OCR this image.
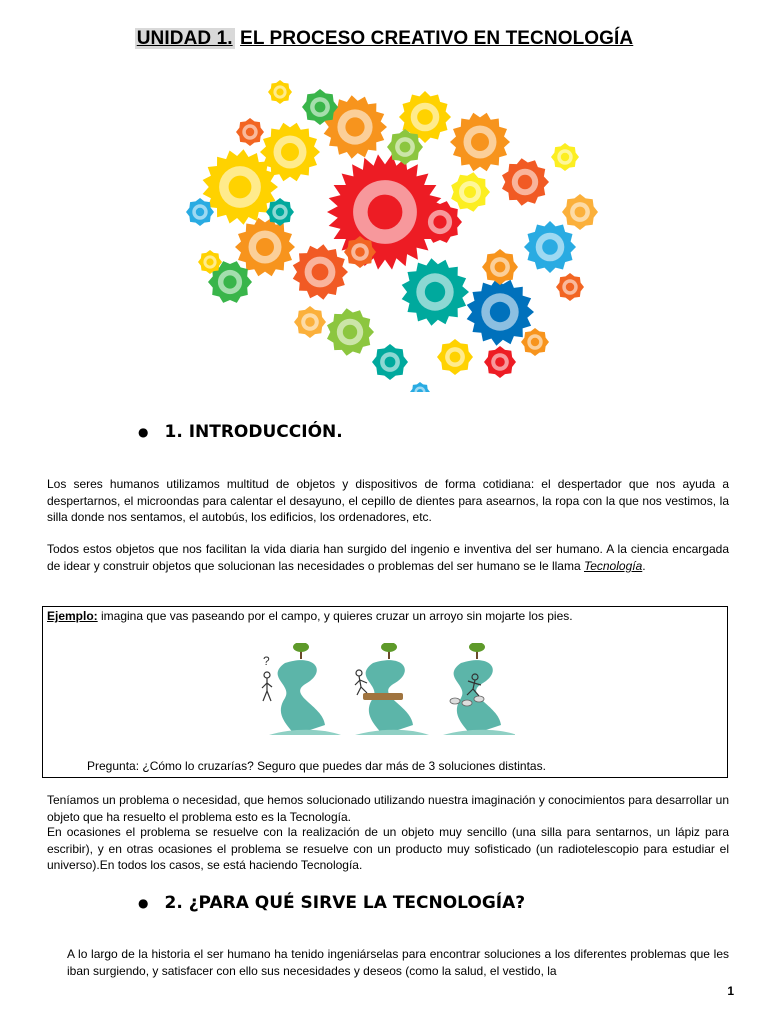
UNIDAD 1. EL PROCESO CREATIVO EN TECNOLOGÍA
● 1. INTRODUCCIÓN.
Los seres humanos utilizamos multitud de objetos y dispositivos de forma cotidiana: el despertador que nos ayuda a despertarnos, el microondas para calentar el desayuno, el cepillo de dientes para asearnos, la ropa con la que nos vestimos, la silla donde nos sentamos, el autobús, los edificios, los ordenadores, etc.
Todos estos objetos que nos facilitan la vida diaria han surgido del ingenio e inventiva del ser humano. A la ciencia encargada de idear y construir objetos que solucionan las necesidades o problemas del ser humano se le llama Tecnología.
Ejemplo: imagina que vas paseando por el campo, y quieres cruzar un arroyo sin mojarte los pies.
?
Pregunta: ¿Cómo lo cruzarías? Seguro que puedes dar más de 3 soluciones distintas.
Teníamos un problema o necesidad, que hemos solucionado utilizando nuestra imaginación y conocimientos para desarrollar un objeto que ha resuelto el problema esto es la Tecnología.
En ocasiones el problema se resuelve con la realización de un objeto muy sencillo (una silla para sentarnos, un lápiz para escribir), y en otras ocasiones el problema se resuelve con un producto muy sofisticado (un radiotelescopio para estudiar el universo).En todos los casos, se está haciendo Tecnología.
● 2. ¿PARA QUÉ SIRVE LA TECNOLOGÍA?
A lo largo de la historia el ser humano ha tenido ingeniárselas para encontrar soluciones a los diferentes problemas que les iban surgiendo, y satisfacer con ello sus necesidades y deseos (como la salud, el vestido, la
1
